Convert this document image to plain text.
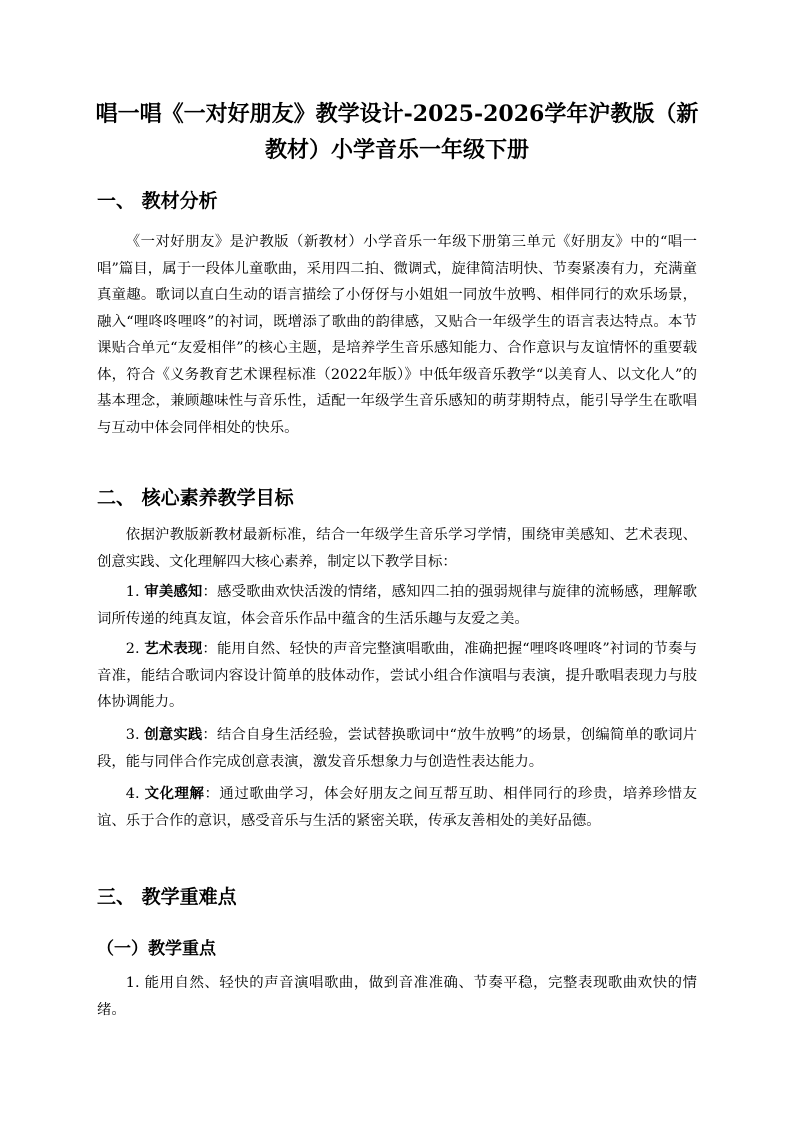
唱一唱《一对好朋友》教学设计-2025-2026学年沪教版（新教材）小学音乐一年级下册
一、 教材分析
《一对好朋友》是沪教版（新教材）小学音乐一年级下册第三单元《好朋友》中的“唱一唱”篇目，属于一段体儿童歌曲，采用四二拍、微调式，旋律简洁明快、节奏紧凑有力，充满童真童趣。歌词以直白生动的语言描绘了小伢伢与小姐姐一同放牛放鸭、相伴同行的欢乐场景，融入“哩咚咚哩咚”的衬词，既增添了歌曲的韵律感，又贴合一年级学生的语言表达特点。本节课贴合单元“友爱相伴”的核心主题，是培养学生音乐感知能力、合作意识与友谊情怀的重要载体，符合《义务教育艺术课程标准（2022年版）》中低年级音乐教学“以美育人、以文化人”的基本理念，兼顾趣味性与音乐性，适配一年级学生音乐感知的萌芽期特点，能引导学生在歌唱与互动中体会同伴相处的快乐。
二、 核心素养教学目标
依据沪教版新教材最新标准，结合一年级学生音乐学习学情，围绕审美感知、艺术表现、创意实践、文化理解四大核心素养，制定以下教学目标：
1. 审美感知：感受歌曲欢快活泼的情绪，感知四二拍的强弱规律与旋律的流畅感，理解歌词所传递的纯真友谊，体会音乐作品中蕴含的生活乐趣与友爱之美。
2. 艺术表现：能用自然、轻快的声音完整演唱歌曲，准确把握“哩咚咚哩咚”衬词的节奏与音准，能结合歌词内容设计简单的肢体动作，尝试小组合作演唱与表演，提升歌唱表现力与肢体协调能力。
3. 创意实践：结合自身生活经验，尝试替换歌词中“放牛放鸭”的场景，创编简单的歌词片段，能与同伴合作完成创意表演，激发音乐想象力与创造性表达能力。
4. 文化理解：通过歌曲学习，体会好朋友之间互帮互助、相伴同行的珍贵，培养珍惜友谊、乐于合作的意识，感受音乐与生活的紧密关联，传承友善相处的美好品德。
三、 教学重难点
（一）教学重点
1. 能用自然、轻快的声音演唱歌曲，做到音准准确、节奏平稳，完整表现歌曲欢快的情绪。
